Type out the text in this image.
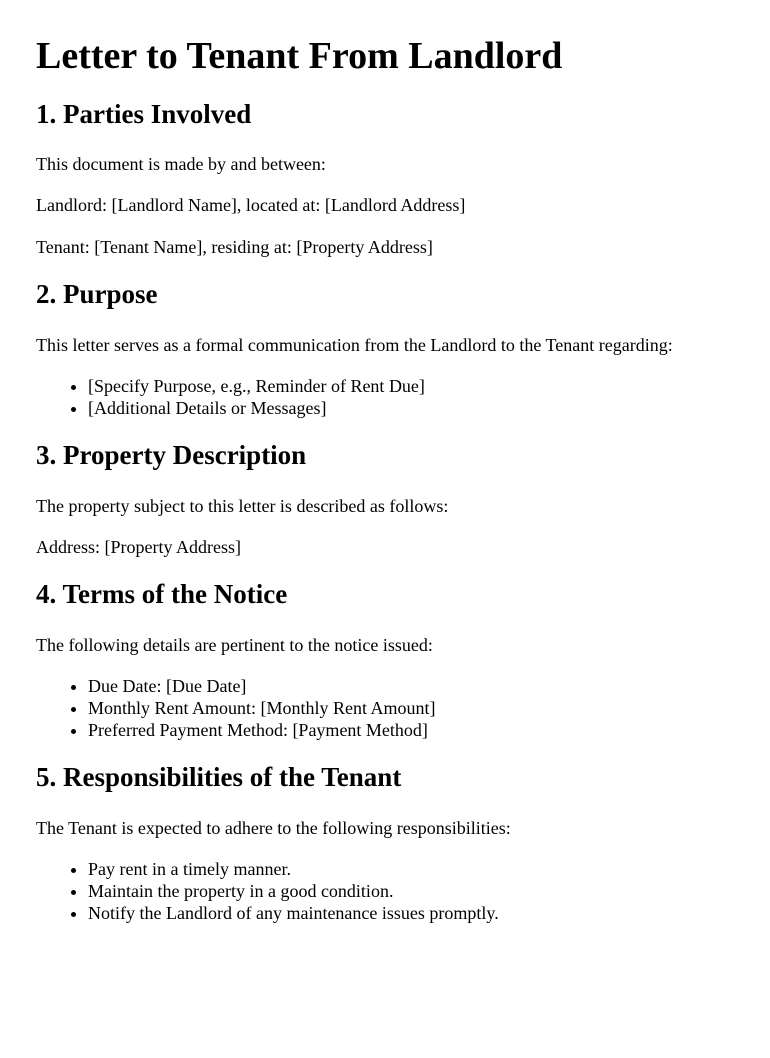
Letter to Tenant From Landlord
1. Parties Involved

This document is made by and between:

Landlord: [Landlord Name], located at: [Landlord Address]

Tenant: [Tenant Name], residing at: [Property Address]

2. Purpose

This letter serves as a formal communication from the Landlord to the Tenant regarding:

• [Specify Purpose, e.g., Reminder of Rent Due]
• [Additional Details or Messages]
3. Property Description

The property subject to this letter is described as follows:

Address: [Property Address]

4. Terms of the Notice

The following details are pertinent to the notice issued:

• Due Date: [Due Date]
• Monthly Rent Amount: [Monthly Rent Amount]
• Preferred Payment Method: [Payment Method]
5. Responsibilities of the Tenant

The Tenant is expected to adhere to the following responsibilities:

• Pay rent in a timely manner.
• Maintain the property in a good condition.
• Notify the Landlord of any maintenance issues promptly.
